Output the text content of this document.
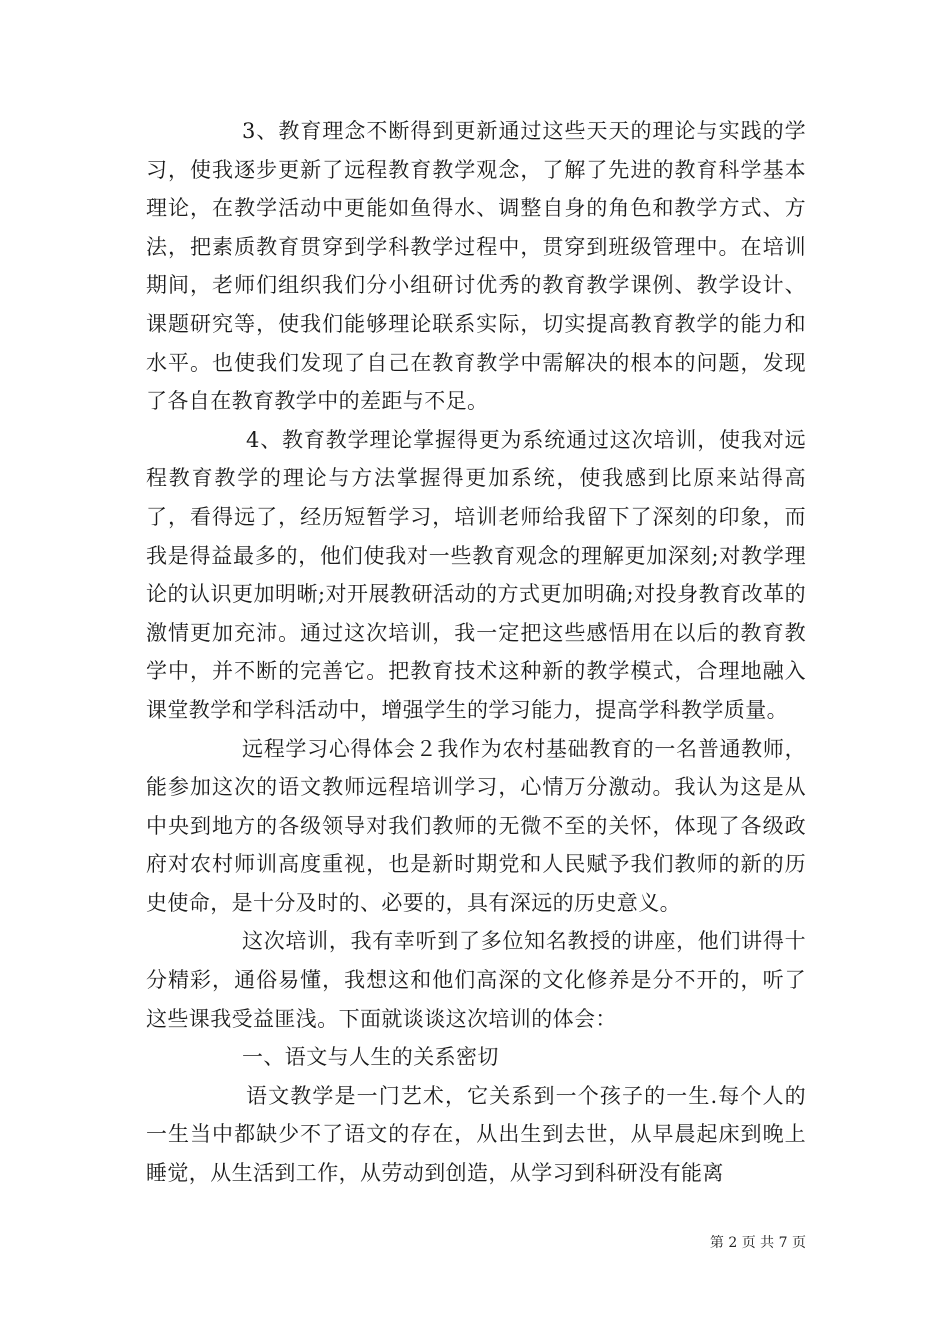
3、教育理念不断得到更新通过这些天天的理论与实践的学习，使我逐步更新了远程教育教学观念，了解了先进的教育科学基本理论，在教学活动中更能如鱼得水、调整自身的角色和教学方式、方法，把素质教育贯穿到学科教学过程中，贯穿到班级管理中。在培训期间，老师们组织我们分小组研讨优秀的教育教学课例、教学设计、课题研究等，使我们能够理论联系实际，切实提高教育教学的能力和水平。也使我们发现了自己在教育教学中需解决的根本的问题，发现了各自在教育教学中的差距与不足。

4、教育教学理论掌握得更为系统通过这次培训，使我对远程教育教学的理论与方法掌握得更加系统，使我感到比原来站得高了，看得远了，经历短暂学习，培训老师给我留下了深刻的印象，而我是得益最多的，他们使我对一些教育观念的理解更加深刻;对教学理论的认识更加明晰;对开展教研活动的方式更加明确;对投身教育改革的激情更加充沛。通过这次培训，我一定把这些感悟用在以后的教育教学中，并不断的完善它。把教育技术这种新的教学模式，合理地融入课堂教学和学科活动中，增强学生的学习能力，提高学科教学质量。

远程学习心得体会２我作为农村基础教育的一名普通教师，能参加这次的语文教师远程培训学习，心情万分激动。我认为这是从中央到地方的各级领导对我们教师的无微不至的关怀，体现了各级政府对农村师训高度重视，也是新时期党和人民赋予我们教师的新的历史使命，是十分及时的、必要的，具有深远的历史意义。

这次培训，我有幸听到了多位知名教授的讲座，他们讲得十分精彩，通俗易懂，我想这和他们高深的文化修养是分不开的，听了这些课我受益匪浅。下面就谈谈这次培训的体会：

一、语文与人生的关系密切

语文教学是一门艺术，它关系到一个孩子的一生.每个人的一生当中都缺少不了语文的存在，从出生到去世，从早晨起床到晚上睡觉，从生活到工作，从劳动到创造，从学习到科研没有能离

第 2 页 共 7 页
